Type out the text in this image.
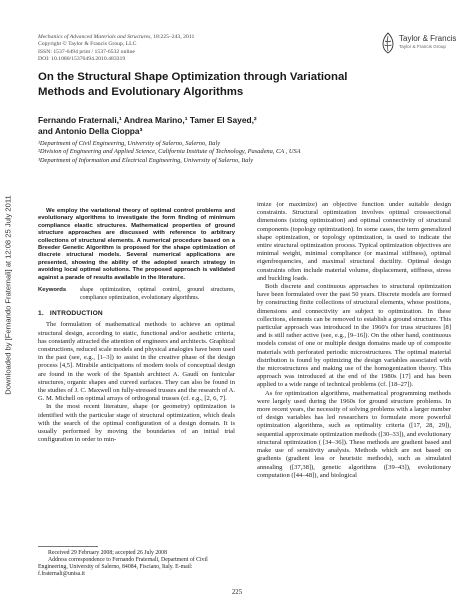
Downloaded by [Fernando Fraternali] at 12:08 25 July 2011
Mechanics of Advanced Materials and Structures, 18:225–243, 2011
Copyright © Taylor & Francis Group, LLC
ISSN: 1537-6494 print / 1537-6532 online
DOI: 10.1080/15376494.2010.483319
Taylor & Francis
Taylor & Francis Group
On the Structural Shape Optimization through Variational
Methods and Evolutionary Algorithms
Fernando Fraternali,¹ Andrea Marino,¹ Tamer El Sayed,²
and Antonio Della Cioppa³
¹Department of Civil Engineering, University of Salerno, Salerno, Italy
²Division of Engineering and Applied Science, California Institute of Technology, Pasadena, CA , USA
³Department of Information and Electrical Engineering, University of Salerno, Italy

We employ the variational theory of optimal control problems and evolutionary algorithms to investigate the form finding of minimum compliance elastic structures. Mathematical properties of ground structure approaches are discussed with reference to arbitrary collections of structural elements. A numerical procedure based on a Breeder Genetic Algorithm is proposed for the shape optimization of discrete structural models. Several numerical applications are presented, showing the ability of the adopted search strategy in avoiding local optimal solutions. The proposed approach is validated against a parade of results available in the literature.

Keywords	shape optimization, optimal control, ground structures, compliance optimization, evolutionary algorithms.
1. INTRODUCTION

The formulation of mathematical methods to achieve an optimal structural design, according to static, functional and/or aesthetic criteria, has constantly attracted the attention of engineers and architects. Graphical constructions, reduced scale models and physical analogies have been used in the past (see, e.g., [1–3]) to assist in the creative phase of the design process [4,5]. Mirabile anticipations of modern tools of conceptual design are found in the work of the Spanish architect A. Gaudí on funicular structures, organic shapes and curved surfaces. They can also be found in the studies of J. C. Maxwell on fully-stressed trusses and the research of A. G. M. Michell on optimal arrays of orthogonal trusses (cf. e.g., [2, 6, 7].

In the most recent literature, shape (or geometry) optimization is identified with the particular stage of structural optimization, which deals with the search of the optimal configuration of a design domain. It is usually performed by moving the boundaries of an initial trial configuration in order to min-

imize (or maximize) an objective function under suitable design constraints. Structural optimization involves optimal crosssectional dimensions (sizing optimization) and optimal connectivity of structural components (topology optimization). In some cases, the term generalized shape optimization, or topology optimization, is used to indicate the entire structural optimization process. Typical optimization objectives are minimal weight, minimal compliance (or maximal stiffness), optimal eigenfrequencies, and maximal structural ductility. Optimal design constraints often include material volume, displacement, stiffness, stress and buckling loads.

Both discrete and continuous approaches to structural optimization have been formulated over the past 50 years. Discrete models are formed by constructing finite collections of structural elements, whose positions, dimensions and connectivity are subject to optimization. In these collections, elements can be removed to establish a ground structure. This particular approach was introduced in the 1960's for truss structures [8] and is still rather active (see, e.g., [9–16]). On the other hand, continuous models consist of one or multiple design domains made up of composite materials with perforated periodic microstructures. The optimal material distribution is found by optimizing the design variables associated with the microstructures and making use of the homogenization theory. This approach was introduced at the end of the 1980s [17] and has been applied to a wide range of technical problems (cf. [18–27]).

As for optimization algorithms, mathematical programming methods were largely used during the 1960s for ground structure problems. In more recent years, the necessity of solving problems with a larger number of design variables has led researchers to formulate more powerful optimization algorithms, such as optimality criteria ([17, 28, 29]), sequential approximate optimization methods ([30–33]), and evolutionary structural optimization ( [34–36]). These methods are gradient based and make use of sensitivity analysis. Methods which are not based on gradients (gradient less or heuristic methods), such as simulated annealing ([37,38]), genetic algorithms ([39–43]), evolutionary computation ([44–48]), and biological

Received 29 February 2008; accepted 26 July 2008
Address correspondence to Fernando Fraternali, Department of Civil Engineering, University of Salerno, 84084, Fisciano, Italy. E-mail: f.fraternali@unisa.it
225
